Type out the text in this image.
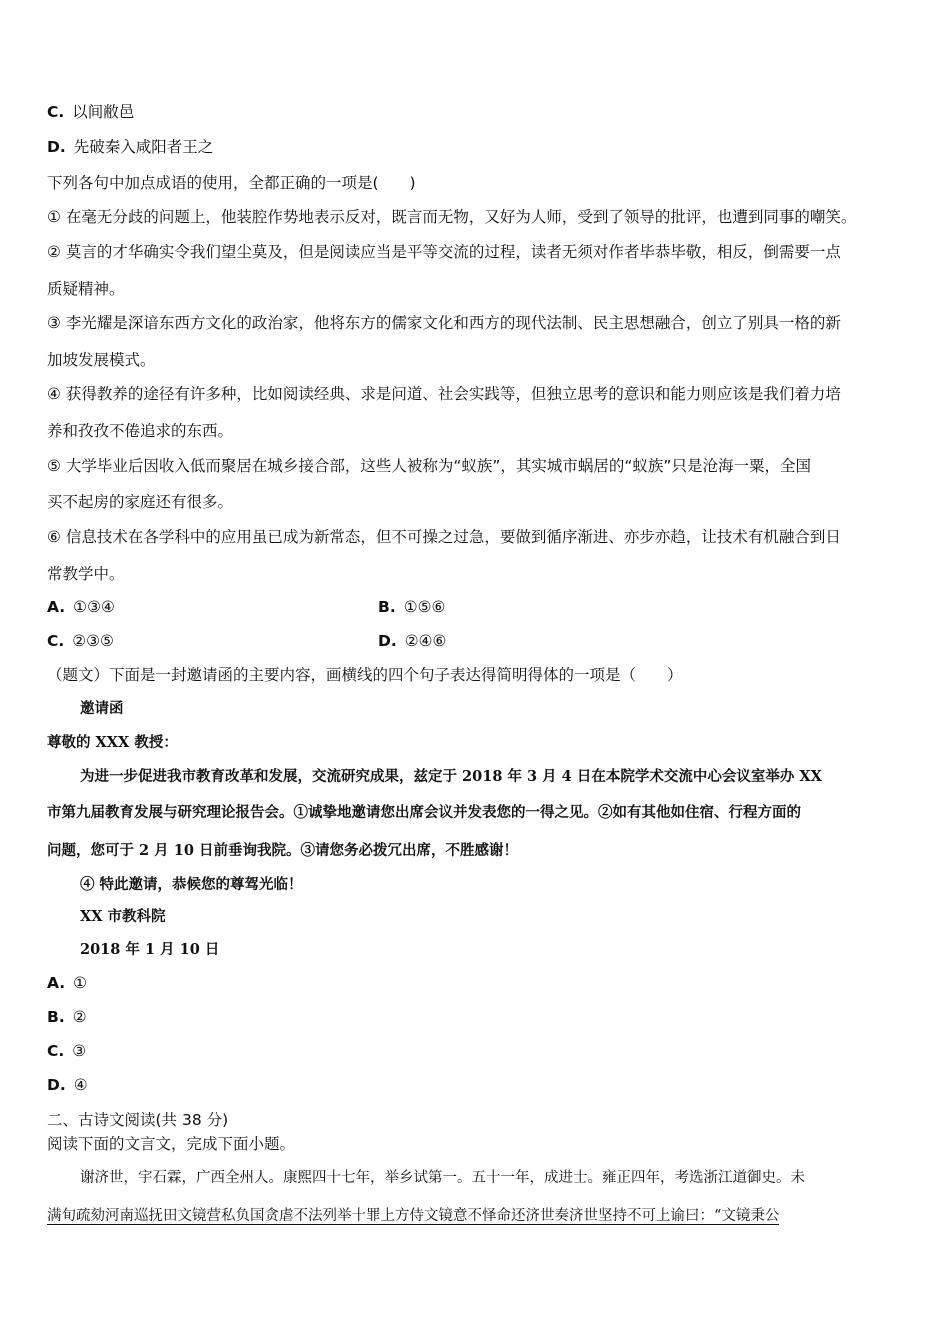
C. 以间敝邑
D. 先破秦入咸阳者王之
下列各句中加点成语的使用，全都正确的一项是(　　)
① 在毫无分歧的问题上，他装腔作势地表示反对，既言而无物，又好为人师，受到了领导的批评，也遭到同事的嘲笑。
② 莫言的才华确实令我们望尘莫及，但是阅读应当是平等交流的过程，读者无须对作者毕恭毕敬，相反，倒需要一点
质疑精神。
③ 李光耀是深谙东西方文化的政治家，他将东方的儒家文化和西方的现代法制、民主思想融合，创立了别具一格的新
加坡发展模式。
④ 获得教养的途径有许多种，比如阅读经典、求是问道、社会实践等，但独立思考的意识和能力则应该是我们着力培
养和孜孜不倦追求的东西。
⑤ 大学毕业后因收入低而聚居在城乡接合部，这些人被称为“蚁族”，其实城市蜗居的“蚁族”只是沧海一粟，全国
买不起房的家庭还有很多。
⑥ 信息技术在各学科中的应用虽已成为新常态，但不可操之过急，要做到循序渐进、亦步亦趋，让技术有机融合到日
常教学中。
A. ①③④	B. ①⑤⑥
C. ②③⑤	D. ②④⑥
（题文）下面是一封邀请函的主要内容，画横线的四个句子表达得简明得体的一项是（　　）
邀请函
尊敬的 XXX 教授：
为进一步促进我市教育改革和发展，交流研究成果，兹定于 2018 年 3 月 4 日在本院学术交流中心会议室举办 XX
市第九届教育发展与研究理论报告会。①诚挚地邀请您出席会议并发表您的一得之见。②如有其他如住宿、行程方面的
问题，您可于 2 月 10 日前垂询我院。③请您务必拨冗出席，不胜感谢！
④ 特此邀请，恭候您的尊驾光临！
XX 市教科院
2018 年 1 月 10 日
A. ①
B. ②
C. ③
D. ④
二、古诗文阅读(共 38 分)
阅读下面的文言文，完成下面小题。
谢济世，宇石霖，广西全州人。康熙四十七年，举乡试第一。五十一年，成进士。雍正四年，考选浙江道御史。未
满旬疏劾河南巡抚田文镜营私负国贪虐不法列举十罪上方侍文镜意不怿命还济世奏济世坚持不可上谕曰：“文镜秉公
